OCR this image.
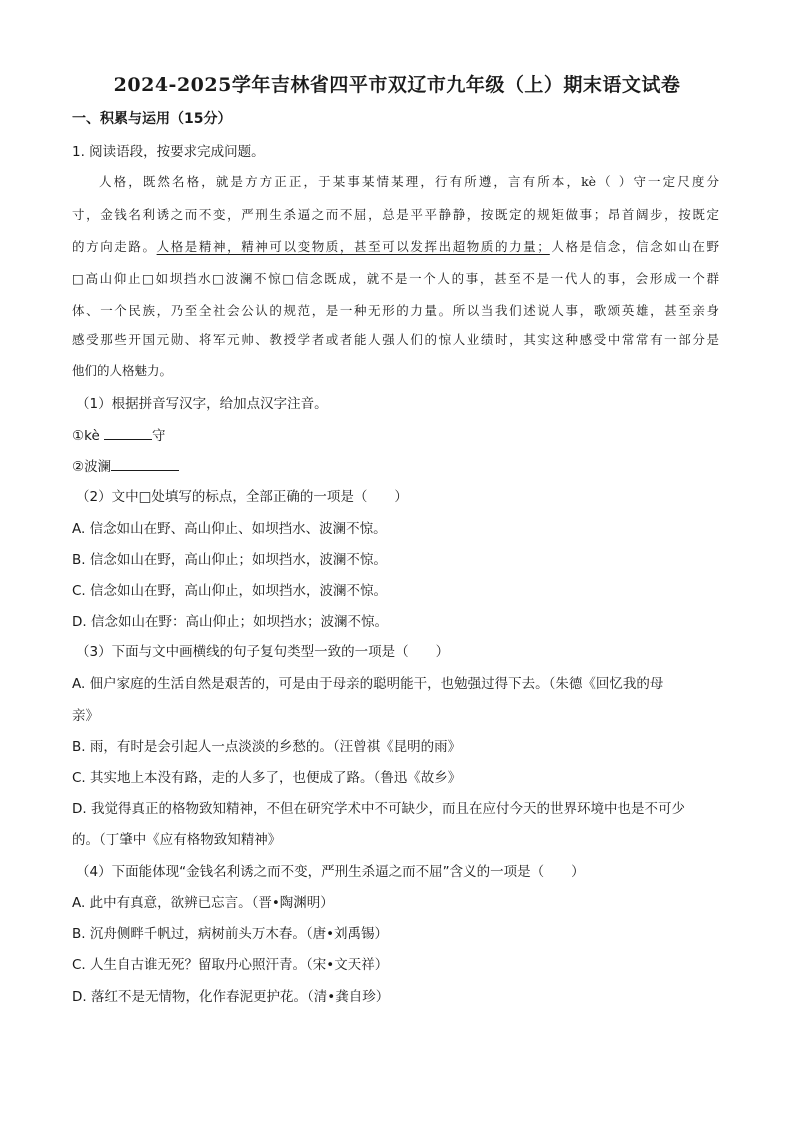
2024-2025学年吉林省四平市双辽市九年级（上）期末语文试卷
一、积累与运用（15分）
1. 阅读语段，按要求完成问题。
人格，既然名格，就是方方正正，于某事某情某理，行有所遵，言有所本，kè（ ）守一定尺度分
寸，金钱名利诱之而不变，严刑生杀逼之而不屈，总是平平静静，按既定的规矩做事；昂首阔步，按既定
的方向走路。人格是精神，精神可以变物质，甚至可以发挥出超物质的力量；人格是信念，信念如山在野
□高山仰止□如坝挡水□波澜不惊□信念既成，就不是一个人的事，甚至不是一代人的事，会形成一个群
体、一个民族，乃至全社会公认的规范，是一种无形的力量。所以当我们述说人事，歌颂英雄，甚至亲身
感受那些开国元勋、将军元帅、教授学者或者能人强人们的惊人业绩时，其实这种感受中常常有一部分是
他们的人格魅力。
（1）根据拼音写汉字，给加点汉字注音。
①kè	守
②波澜
（2）文中□处填写的标点，全部正确的一项是（　　）
A. 信念如山在野、高山仰止、如坝挡水、波澜不惊。
B. 信念如山在野，高山仰止；如坝挡水，波澜不惊。
C. 信念如山在野，高山仰止，如坝挡水，波澜不惊。
D. 信念如山在野：高山仰止；如坝挡水；波澜不惊。
（3）下面与文中画横线的句子复句类型一致的一项是（　　）
A. 佃户家庭的生活自然是艰苦的，可是由于母亲的聪明能干，也勉强过得下去。（朱德《回忆我的母
亲》
B. 雨，有时是会引起人一点淡淡的乡愁的。（汪曾祺《昆明的雨》
C. 其实地上本没有路，走的人多了，也便成了路。（鲁迅《故乡》
D. 我觉得真正的格物致知精神，不但在研究学术中不可缺少，而且在应付今天的世界环境中也是不可少
的。（丁肇中《应有格物致知精神》
（4）下面能体现“金钱名利诱之而不变，严刑生杀逼之而不屈”含义的一项是（　　）
A. 此中有真意，欲辨已忘言。（晋•陶渊明）
B. 沉舟侧畔千帆过，病树前头万木春。（唐•刘禹锡）
C. 人生自古谁无死？留取丹心照汗青。（宋•文天祥）
D. 落红不是无情物，化作春泥更护花。（清•龚自珍）
